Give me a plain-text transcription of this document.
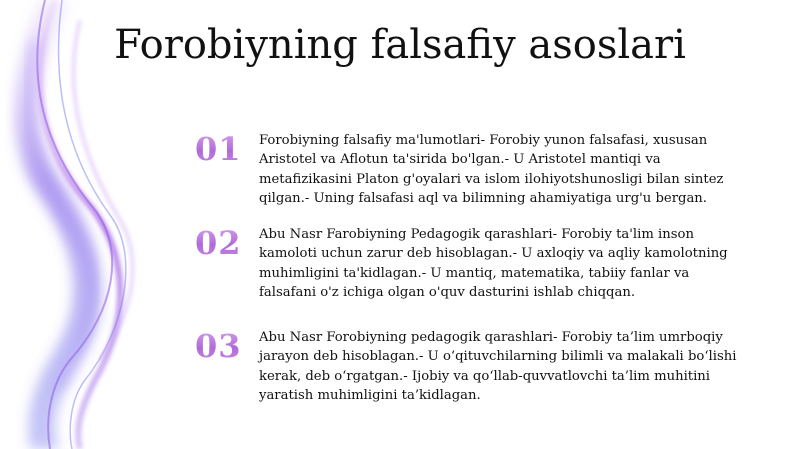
Forobiyning falsafiy asoslari
01	Forobiyning falsafiy ma'lumotlari- Forobiy yunon falsafasi, xususan Aristotel va Aflotun ta'sirida bo'lgan.- U Aristotel mantiqi va metafizikasini Platon g'oyalari va islom ilohiyotshunosligi bilan sintez qilgan.- Uning falsafasi aql va bilimning ahamiyatiga urg'u bergan.
02	Abu Nasr Farobiyning Pedagogik qarashlari- Forobiy ta'lim inson kamoloti uchun zarur deb hisoblagan.- U axloqiy va aqliy kamolotning muhimligini ta'kidlagan.- U mantiq, matematika, tabiiy fanlar va falsafani o'z ichiga olgan o'quv dasturini ishlab chiqqan.
03	Abu Nasr Forobiyning pedagogik qarashlari- Forobiy ta’lim umrboqiy jarayon deb hisoblagan.- U o‘qituvchilarning bilimli va malakali bo‘lishi kerak, deb o‘rgatgan.- Ijobiy va qo‘llab-quvvatlovchi ta’lim muhitini yaratish muhimligini ta’kidlagan.
